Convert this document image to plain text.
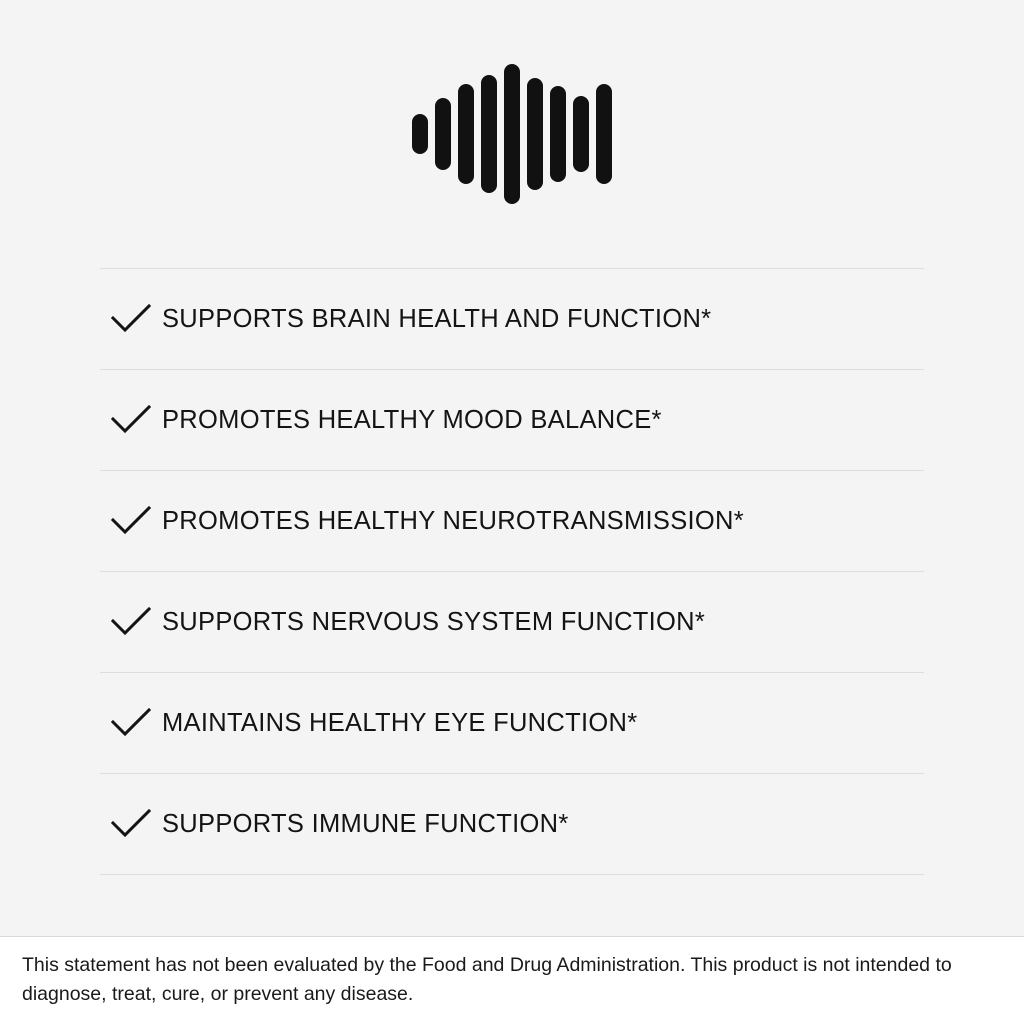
SUPPORTS BRAIN HEALTH AND FUNCTION*
PROMOTES HEALTHY MOOD BALANCE*
PROMOTES HEALTHY NEUROTRANSMISSION*
SUPPORTS NERVOUS SYSTEM FUNCTION*
MAINTAINS HEALTHY EYE FUNCTION*
SUPPORTS IMMUNE FUNCTION*
This statement has not been evaluated by the Food and Drug Administration. This product is not intended to diagnose, treat, cure, or prevent any disease.
